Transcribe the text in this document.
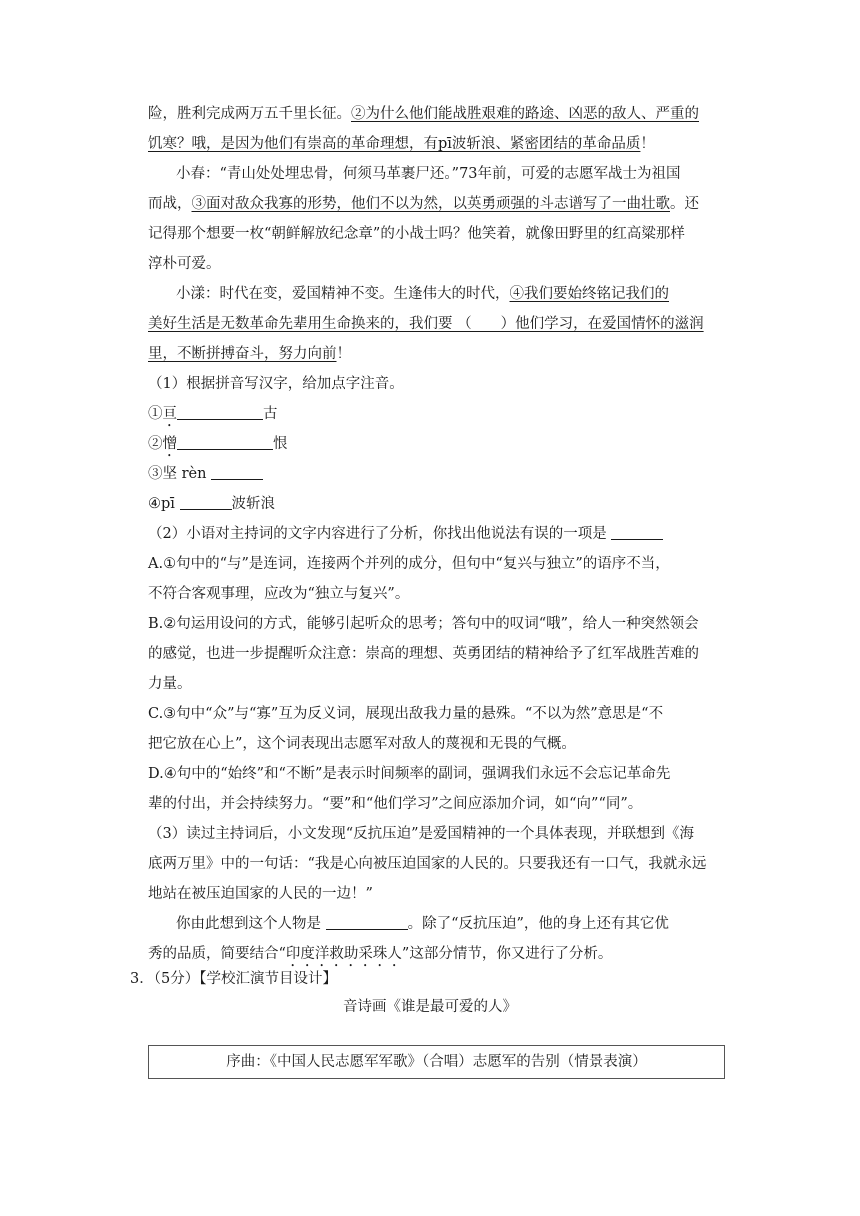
险，胜利完成两万五千里长征。②为什么他们能战胜艰难的路途、凶恶的敌人、严重的
饥寒？哦，是因为他们有崇高的革命理想，有pī波斩浪、紧密团结的革命品质！
小春：“青山处处埋忠骨，何须马革裹尸还。”73年前，可爱的志愿军战士为祖国
而战，③面对敌众我寡的形势，他们不以为然，以英勇顽强的斗志谱写了一曲壮歌。还
记得那个想要一枚“朝鲜解放纪念章”的小战士吗？他笑着，就像田野里的红高粱那样
淳朴可爱。
小漾：时代在变，爱国精神不变。生逢伟大的时代，④我们要始终铭记我们的
美好生活是无数革命先辈用生命换来的，我们要 （　　）他们学习，在爱国情怀的滋润
里，不断拼搏奋斗，努力向前！
（1）根据拼音写汉字，给加点字注音。
①亘	古
②憎	恨
③坚 rèn
④pī	波斩浪
（2）小语对主持词的文字内容进行了分析，你找出他说法有误的一项是
A.①句中的“与”是连词，连接两个并列的成分，但句中“复兴与独立”的语序不当，
不符合客观事理，应改为“独立与复兴”。
B.②句运用设问的方式，能够引起听众的思考；答句中的叹词“哦”，给人一种突然领会
的感觉，也进一步提醒听众注意：崇高的理想、英勇团结的精神给予了红军战胜苦难的
力量。
C.③句中“众”与“寡”互为反义词，展现出敌我力量的悬殊。“不以为然”意思是“不
把它放在心上”，这个词表现出志愿军对敌人的蔑视和无畏的气概。
D.④句中的“始终”和“不断”是表示时间频率的副词，强调我们永远不会忘记革命先
辈的付出，并会持续努力。“要”和“他们学习”之间应添加介词，如“向”“同”。
（3）读过主持词后，小文发现“反抗压迫”是爱国精神的一个具体表现，并联想到《海
底两万里》中的一句话：“我是心向被压迫国家的人民的。只要我还有一口气，我就永远
地站在被压迫国家的人民的一边！”
你由此想到这个人物是	。除了“反抗压迫”，他的身上还有其它优
秀的品质，简要结合“印度洋救助采珠人”这部分情节，你又进行了分析。
3．（5分）【学校汇演节目设计】
音诗画《谁是最可爱的人》
序曲：《中国人民志愿军军歌》（合唱）志愿军的告别（情景表演）
